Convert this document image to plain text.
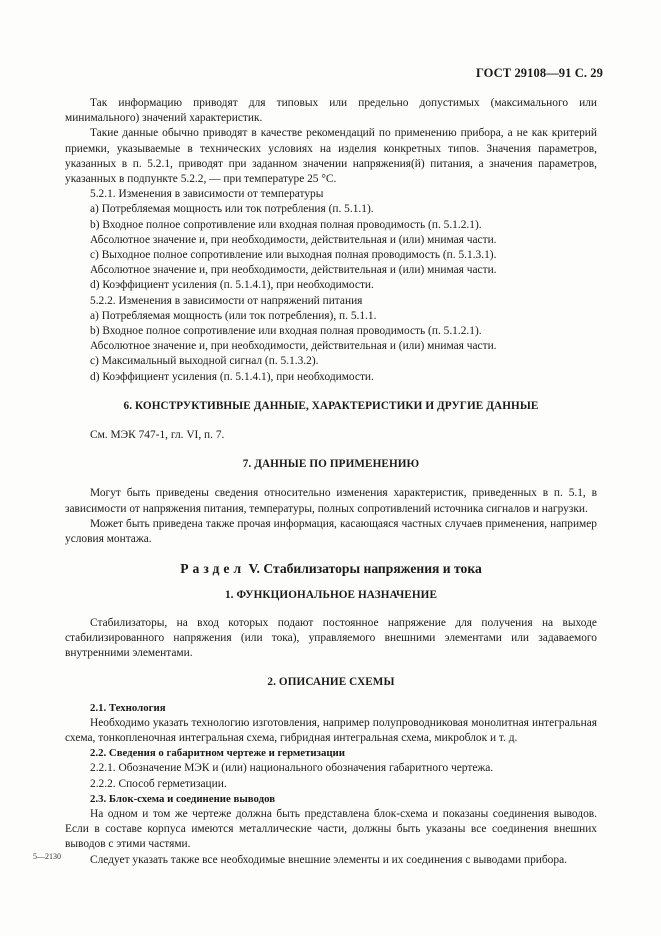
ГОСТ 29108—91 С. 29

Так информацию приводят для типовых или предельно допустимых (максимального или минимального) значений характеристик.

Такие данные обычно приводят в качестве рекомендаций по применению прибора, а не как критерий приемки, указываемые в технических условиях на изделия конкретных типов. Значения параметров, указанных в п. 5.2.1, приводят при заданном значении напряжения(й) питания, а значения параметров, указанных в подпункте 5.2.2, — при температуре 25 °С.

5.2.1. Изменения в зависимости от температуры

а) Потребляемая мощность или ток потребления (п. 5.1.1).

b) Входное полное сопротивление или входная полная проводимость (п. 5.1.2.1).

Абсолютное значение и, при необходимости, действительная и (или) мнимая части.

с) Выходное полное сопротивление или выходная полная проводимость (п. 5.1.3.1).

Абсолютное значение и, при необходимости, действительная и (или) мнимая части.

d) Коэффициент усиления (п. 5.1.4.1), при необходимости.

5.2.2. Изменения в зависимости от напряжений питания

а) Потребляемая мощность (или ток потребления), п. 5.1.1.

b) Входное полное сопротивление или входная полная проводимость (п. 5.1.2.1).

Абсолютное значение и, при необходимости, действительная и (или) мнимая части.

с) Максимальный выходной сигнал (п. 5.1.3.2).

d) Коэффициент усиления (п. 5.1.4.1), при необходимости.

6. КОНСТРУКТИВНЫЕ ДАННЫЕ, ХАРАКТЕРИСТИКИ И ДРУГИЕ ДАННЫЕ

См. МЭК 747-1, гл. VI, п. 7.

7. ДАННЫЕ ПО ПРИМЕНЕНИЮ

Могут быть приведены сведения относительно изменения характеристик, приведенных в п. 5.1, в зависимости от напряжения питания, температуры, полных сопротивлений источника сигналов и нагрузки.

Может быть приведена также прочая информация, касающаяся частных случаев применения, например условия монтажа.

Раздел V. Стабилизаторы напряжения и тока

1. ФУНКЦИОНАЛЬНОЕ НАЗНАЧЕНИЕ

Стабилизаторы, на вход которых подают постоянное напряжение для получения на выходе стабилизированного напряжения (или тока), управляемого внешними элементами или задаваемого внутренними элементами.

2. ОПИСАНИЕ СХЕМЫ

2.1. Технология

Необходимо указать технологию изготовления, например полупроводниковая монолитная интегральная схема, тонкопленочная интегральная схема, гибридная интегральная схема, микроблок и т. д.

2.2. Сведения о габаритном чертеже и герметизации

2.2.1. Обозначение МЭК и (или) национального обозначения габаритного чертежа.

2.2.2. Способ герметизации.

2.3. Блок-схема и соединение выводов

На одном и том же чертеже должна быть представлена блок-схема и показаны соединения выводов. Если в составе корпуса имеются металлические части, должны быть указаны все соединения внешних выводов с этими частями.

Следует указать также все необходимые внешние элементы и их соединения с выводами прибора.

5—2130
